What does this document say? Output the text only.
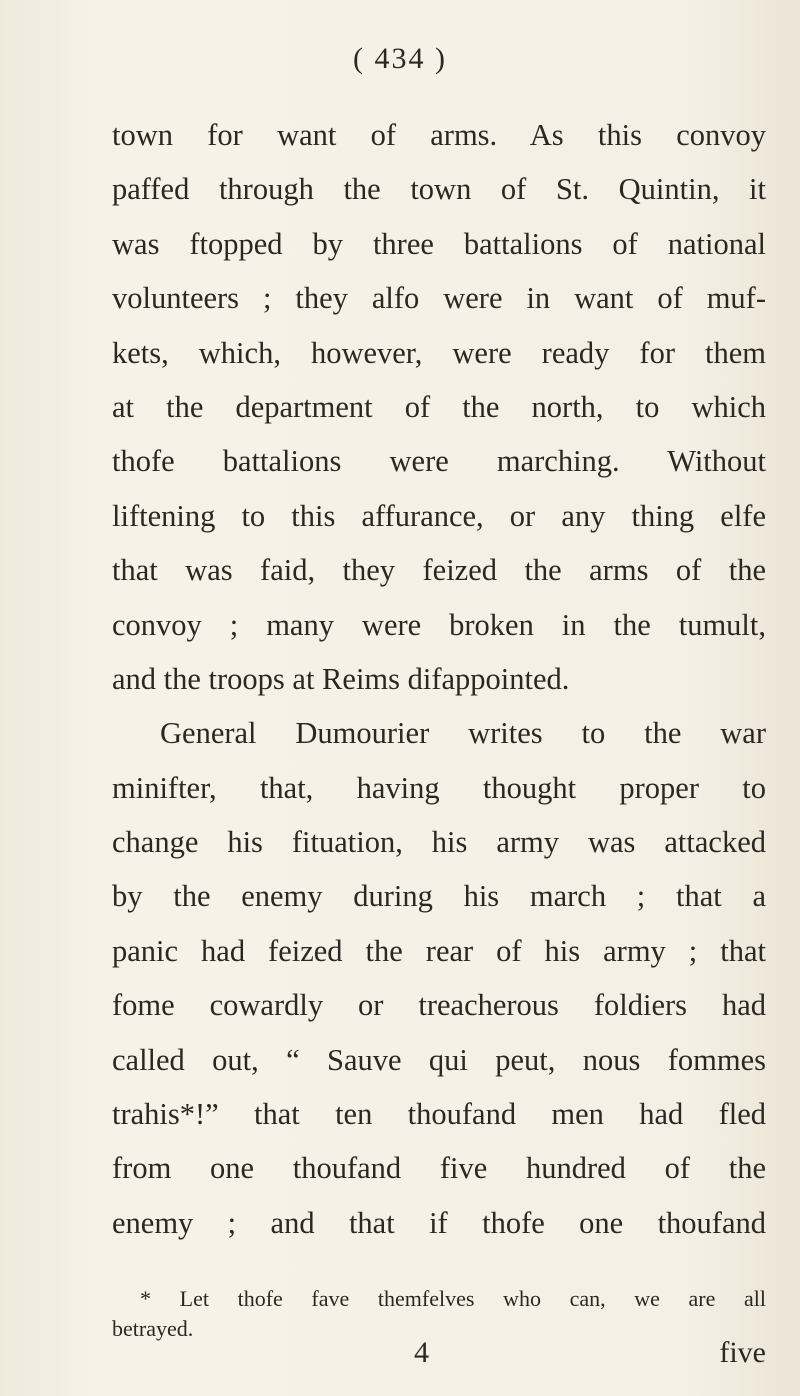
( 434 )
town for want of arms. As this convoy
paffed through the town of St. Quintin, it
was ftopped by three battalions of national
volunteers ; they alfo were in want of muf-
kets, which, however, were ready for them
at the department of the north, to which
thofe battalions were marching. Without
liftening to this affurance, or any thing elfe
that was faid, they feized the arms of the
convoy ; many were broken in the tumult,
and the troops at Reims difappointed.
General Dumourier writes to the war
minifter, that, having thought proper to
change his fituation, his army was attacked
by the enemy during his march ; that a
panic had feized the rear of his army ; that
fome cowardly or treacherous foldiers had
called out, “ Sauve qui peut, nous fommes
trahis*!” that ten thoufand men had fled
from one thoufand five hundred of the
enemy ; and that if thofe one thoufand
* Let thofe fave themfelves who can, we are all
betrayed.
4	five
